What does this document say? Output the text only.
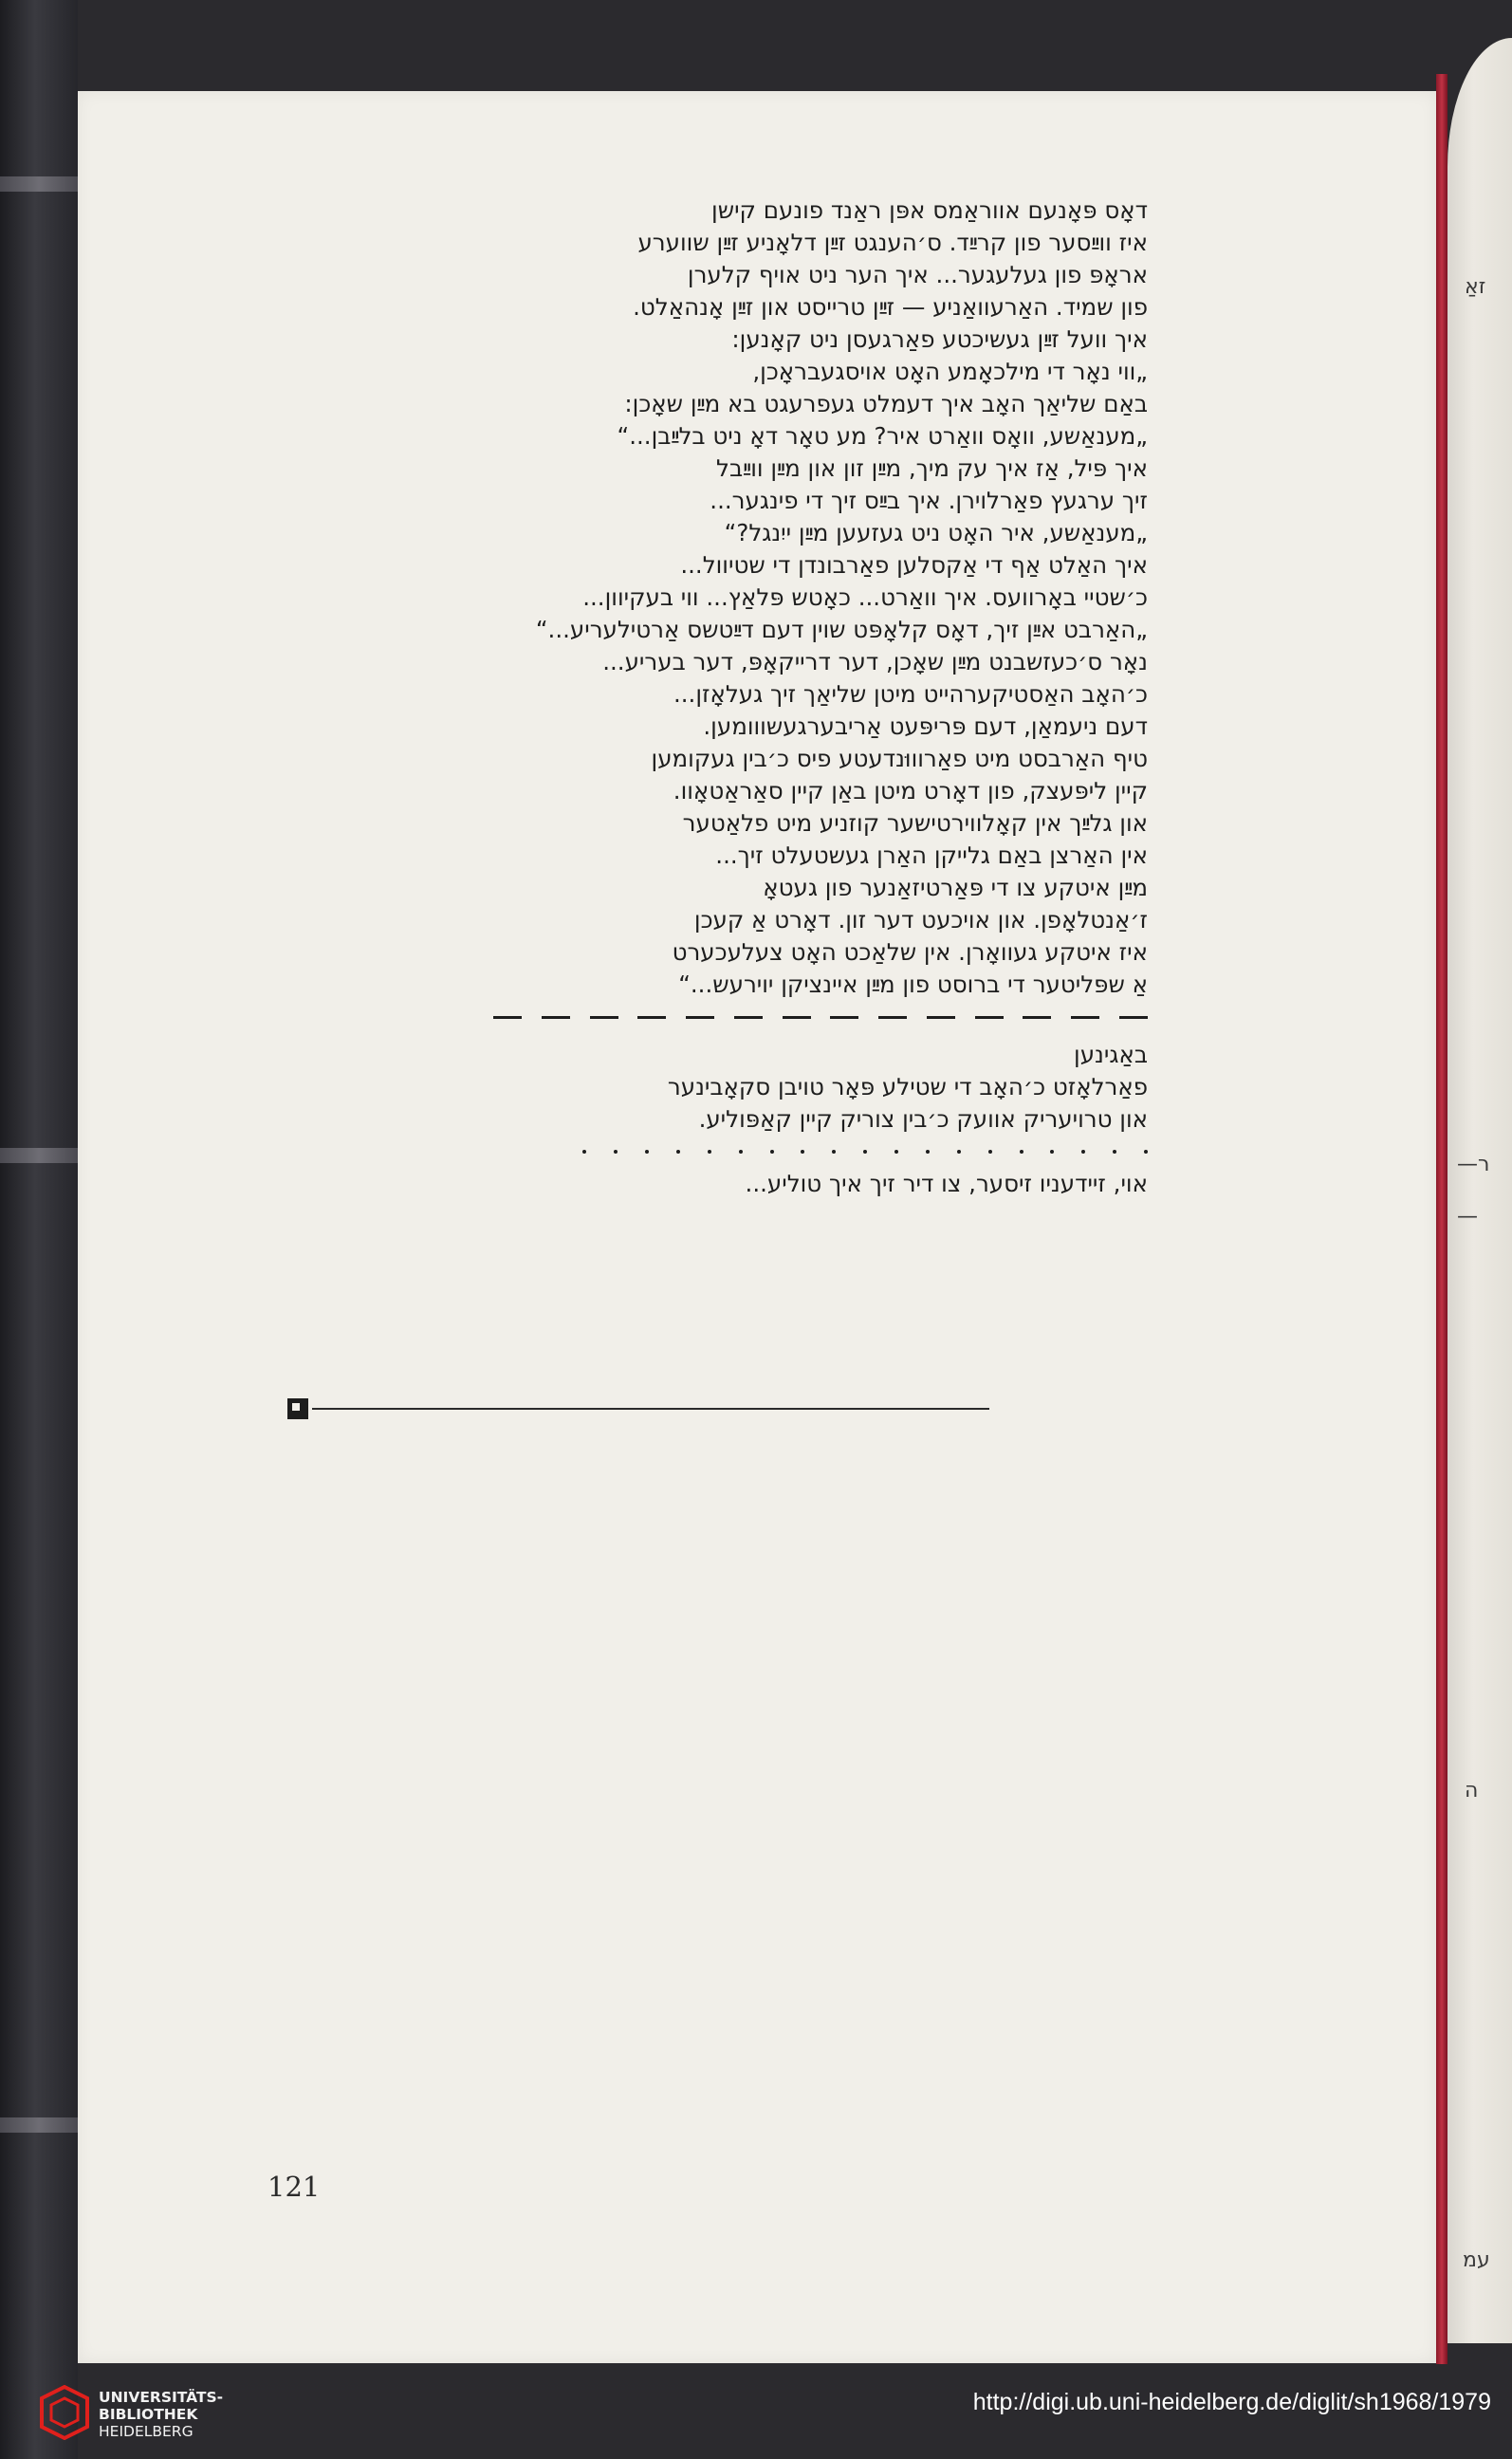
זאַ
—ר
—
ה
עמ
דאָס פּאָנעם אווראַמס אפּן ראַנד פונעם קישן
איז ווײַסער פון קרײַד. ס׳הענגט זײַן דלאָניע זײַן שווערע
אראָפּ פון געלעגער... איך הער ניט אויף קלערן
פון שמיד. האַרעוואַניע — זײַן טרייסט און זײַן אָנהאַלט.
איך וועל זײַן געשיכטע פאַרגעסן ניט קאָנען:
„ווי נאָר די מילכאָמע האָט אויסגעבראָכן,
באַם שליאַך האָב איך דעמלט געפרעגט בא מײַן שאָכן:
„מענאַשע, וואָס וואַרט איר? מע טאָר דאָ ניט בלײַבן...“
איך פּיל, אַז איך עק מיך, מײַן זון און מײַן ווײַבל
זיך ערגעץ פאַרלוירן. איך בײַס זיך די פינגער...
„מענאַשע, איר האָט ניט געזעען מײַן ייִנגל?“
איך האַלט אַף די אַקסלען פאַרבונדן די שטיוול...
כ׳שטיי באָרוועס. איך וואַרט... כאָטש פּלאַץ... ווי בעקיוון...
„האַרבט אײַן זיך, דאָס קלאָפּט שוין דעם דײַטשס אַרטילעריע...“
נאָר ס׳כעזשבנט מײַן שאָכן, דער דרייקאָפּ, דער בעריע...
כ׳האָב האַסטיקערהייט מיטן שליאַך זיך געלאָזן...
דעם ניעמאַן, דעם פּריפּעט אַריבערגעשווומען.
טיף האַרבסט מיט פאַרוווּנדעטע פיס כ׳בין געקומען
קיין ליפּעצק, פון דאָרט מיטן באַן קיין סאַראַטאָוו.
און גלײַך אין קאָלווירטישער קוזניע מיט פלאַטער
אין האַרצן באַם גלייקן האַרן געשטעלט זיך...
מײַן איטקע צו די פּאַרטיזאַנער פון געטאָ
ז׳אַנטלאָפן. און אויכעט דער זון. דאָרט אַ קעכן
איז איטקע געוואָרן. אין שלאַכט האָט צעלעכערט
אַ שפּליטער די ברוסט פון מײַן איינציקן יוירעש...“
באַגינען
פאַרלאָזט כ׳האָב די שטילע פּאָר טויבן סקאָבינער
און טרויעריק אוועק כ׳בין צוריק קיין קאַפּוליע.
אוי, זיידעניו זיסער, צו דיר זיך איך טוליע...
121
UNIVERSITÄTS-
BIBLIOTHEK
HEIDELBERG
http://digi.ub.uni-heidelberg.de/diglit/sh1968/1979
